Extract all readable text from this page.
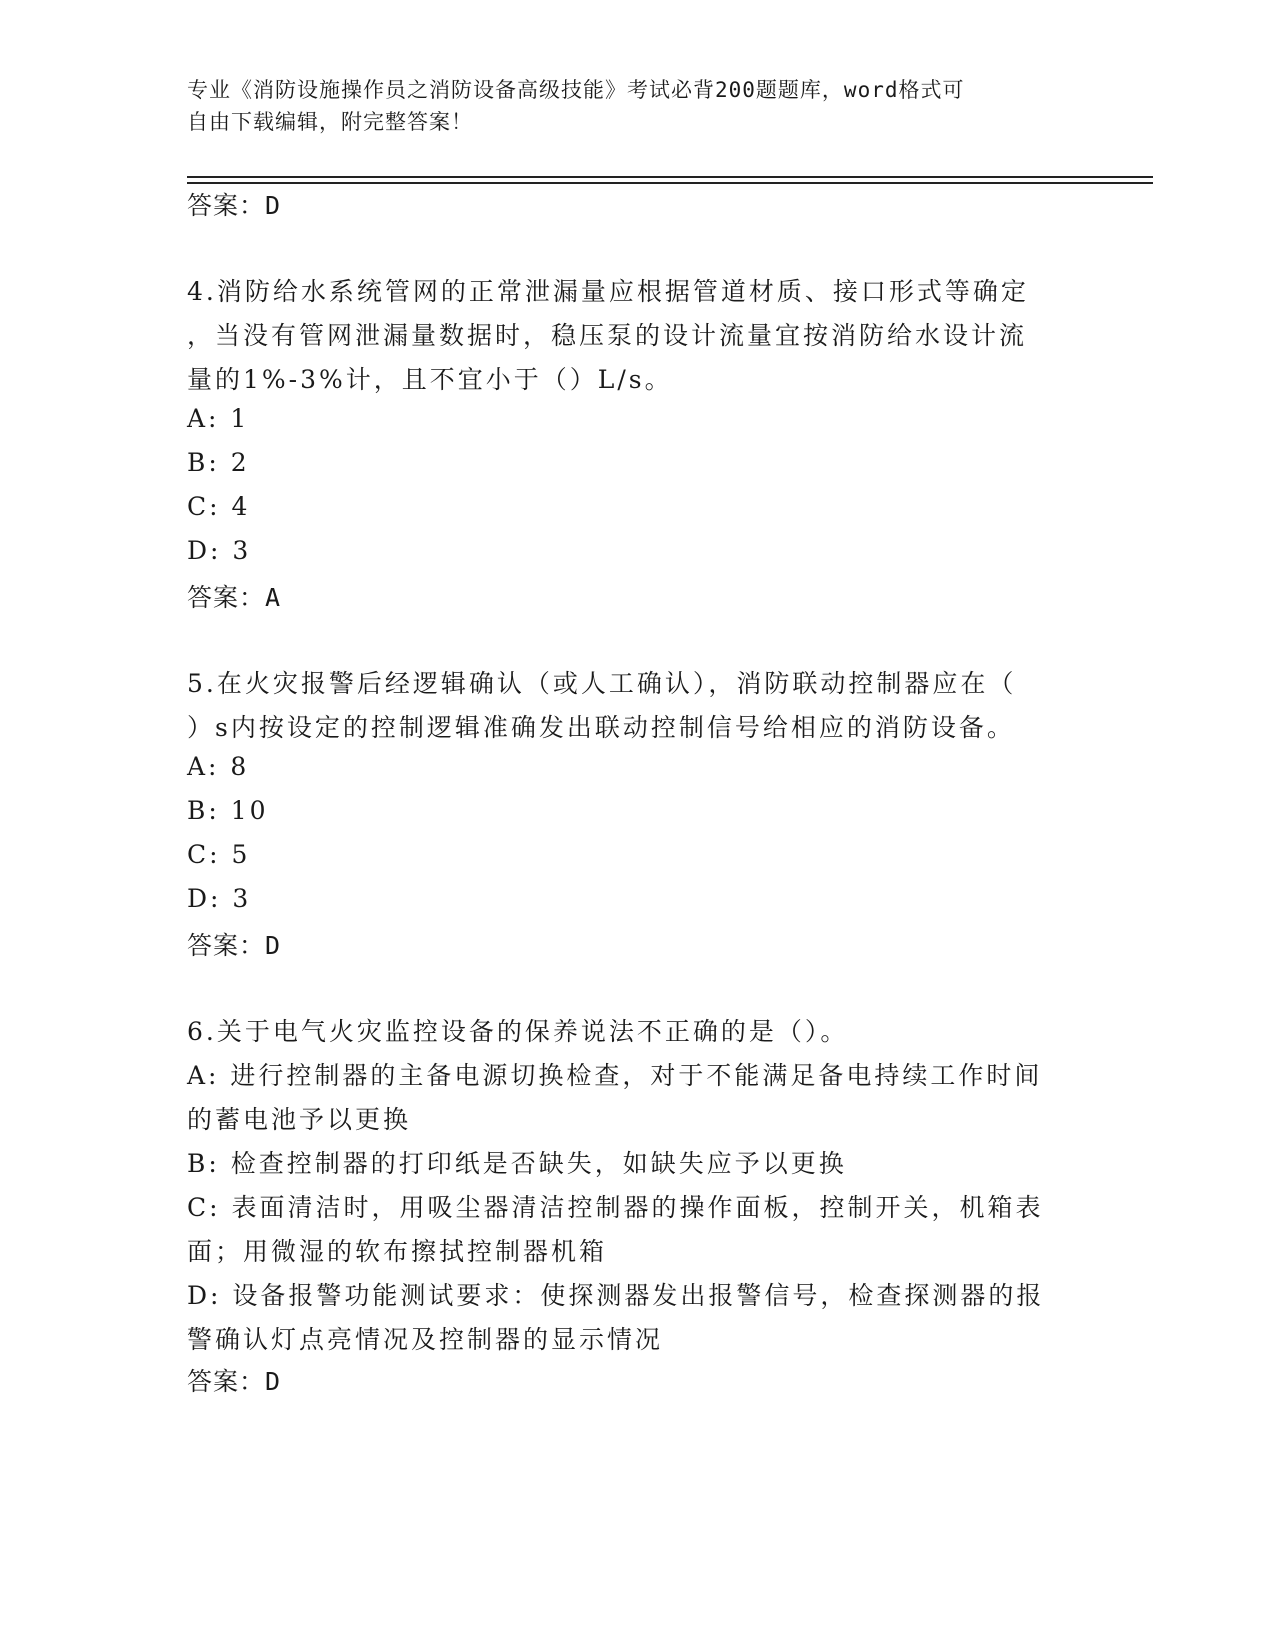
专业《消防设施操作员之消防设备高级技能》考试必背200题题库，word格式可
自由下载编辑，附完整答案！
答案：D
4.消防给水系统管网的正常泄漏量应根据管道材质、接口形式等确定
，当没有管网泄漏量数据时，稳压泵的设计流量宜按消防给水设计流
量的1%-3%计，且不宜小于（）L/s。
A: 1
B: 2
C: 4
D: 3
答案：A
5.在火灾报警后经逻辑确认（或人工确认），消防联动控制器应在（
）s内按设定的控制逻辑准确发出联动控制信号给相应的消防设备。
A: 8
B: 10
C: 5
D: 3
答案：D
6.关于电气火灾监控设备的保养说法不正确的是（）。
A: 进行控制器的主备电源切换检查，对于不能满足备电持续工作时间
的蓄电池予以更换
B: 检查控制器的打印纸是否缺失，如缺失应予以更换
C: 表面清洁时，用吸尘器清洁控制器的操作面板，控制开关，机箱表
面；用微湿的软布擦拭控制器机箱
D: 设备报警功能测试要求：使探测器发出报警信号，检查探测器的报
警确认灯点亮情况及控制器的显示情况
答案：D
